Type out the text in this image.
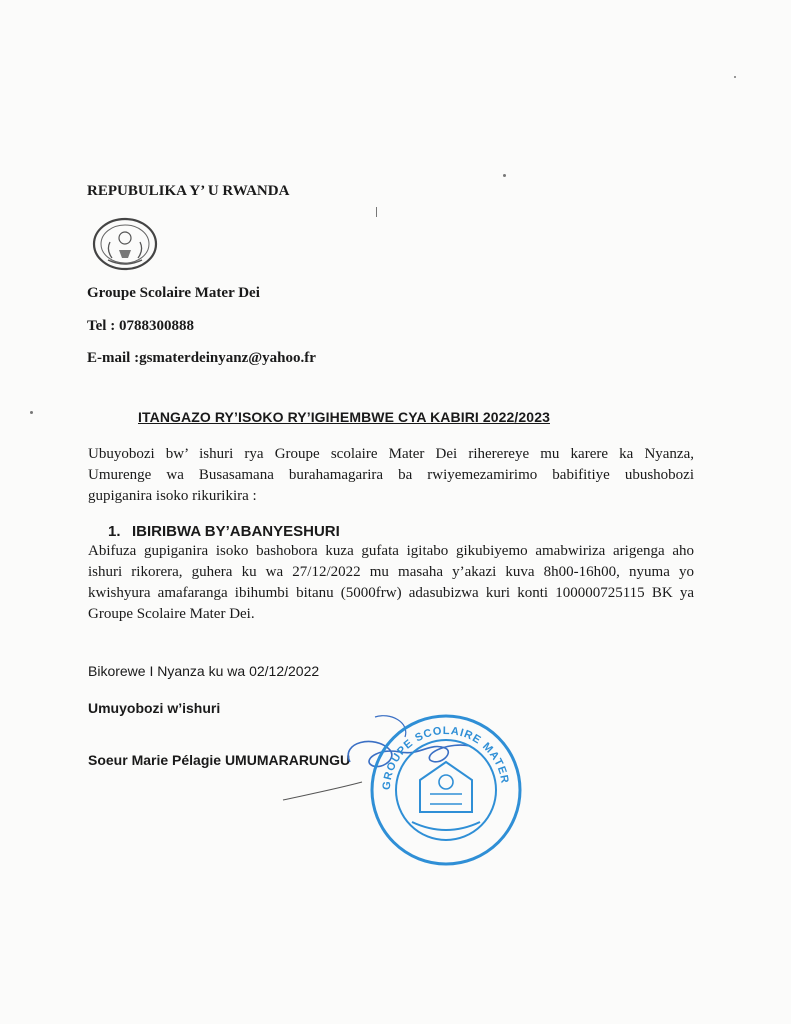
REPUBULIKA Y’ U RWANDA
Groupe Scolaire Mater Dei
Tel : 0788300888
E-mail :gsmaterdeinyanz@yahoo.fr
ITANGAZO RY’ISOKO RY’IGIHEMBWE CYA KABIRI 2022/2023
Ubuyobozi bw’ ishuri rya Groupe scolaire Mater Dei riherereye mu karere ka Nyanza,
Umurenge wa Busasamana burahamagarira ba rwiyemezamirimo babifitiye ubushobozi
gupiganira isoko rikurikira :
1. IBIRIBWA BY’ABANYESHURI
Abifuza gupiganira isoko bashobora kuza gufata igitabo gikubiyemo amabwiriza arigenga aho
ishuri rikorera, guhera ku wa 27/12/2022 mu masaha y’akazi kuva 8h00-16h00, nyuma yo
kwishyura amafaranga ibihumbi bitanu (5000frw) adasubizwa kuri konti 100000725115 BK ya
Groupe Scolaire Mater Dei.
Bikorewe I Nyanza ku wa 02/12/2022
Umuyobozi w’ishuri
Soeur Marie Pélagie UMUMARARUNGU
GROUPE SCOLAIRE MATER
